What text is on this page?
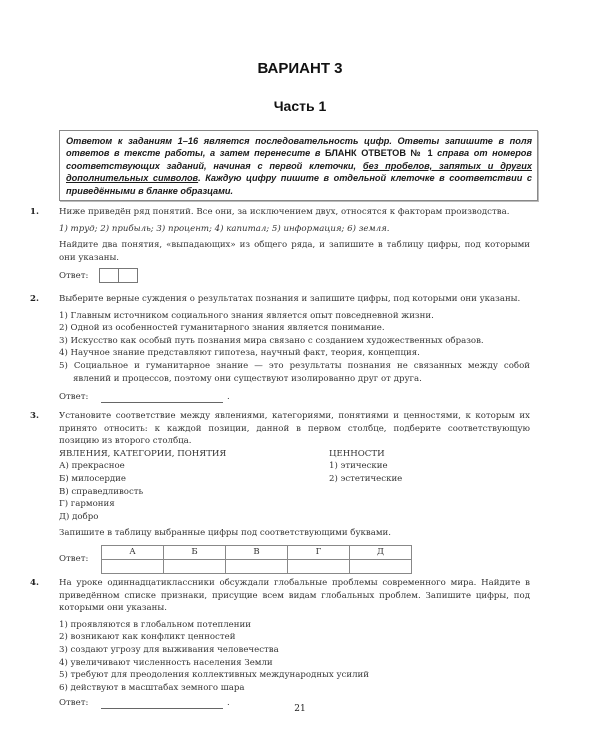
ВАРИАНТ 3
Часть 1
Ответом к заданиям 1–16 является последовательность цифр. Ответы запишите в поля ответов в тексте работы, а затем перенесите в БЛАНК ОТВЕТОВ № 1 справа от номеров соответствующих заданий, начиная с первой клеточки, без пробелов, запятых и других дополнительных символов. Каждую цифру пишите в отдельной клеточке в соответствии с приведёнными в бланке образцами.
1. Ниже приведён ряд понятий. Все они, за исключением двух, относятся к факторам производства.

1) труд; 2) прибыль; 3) процент; 4) капитал; 5) информация; 6) земля.

Найдите два понятия, «выпадающих» из общего ряда, и запишите в таблицу цифры, под которыми они указаны.

Ответ:
2. Выберите верные суждения о результатах познания и запишите цифры, под которыми они указаны.

1) Главным источником социального знания является опыт повседневной жизни.

2) Одной из особенностей гуманитарного знания является понимание.

3) Искусство как особый путь познания мира связано с созданием художественных образов.

4) Научное знание представляют гипотеза, научный факт, теория, концепция.

5) Социальное и гуманитарное знание — это результаты познания не связанных между собой явлений и процессов, поэтому они существуют изолированно друг от друга.

Ответ:	.
3. Установите соответствие между явлениями, категориями, понятиями и ценностями, к которым их принято относить: к каждой позиции, данной в первом столбце, подберите соответствующую позицию из второго столбца.

ЯВЛЕНИЯ, КАТЕГОРИИ, ПОНЯТИЯ

А) прекрасное

Б) милосердие

В) справедливость

Г) гармония

Д) добро

ЦЕННОСТИ

1) этические

2) эстетические

Запишите в таблицу выбранные цифры под соответствующими буквами.

Ответ:
А	Б	В	Г	Д

4. На уроке одиннадцатиклассники обсуждали глобальные проблемы современного мира. Найдите в приведённом списке признаки, присущие всем видам глобальных проблем. Запишите цифры, под которыми они указаны.

1) проявляются в глобальном потеплении

2) возникают как конфликт ценностей

3) создают угрозу для выживания человечества

4) увеличивают численность населения Земли

5) требуют для преодоления коллективных международных усилий

6) действуют в масштабах земного шара

Ответ:	.
21
